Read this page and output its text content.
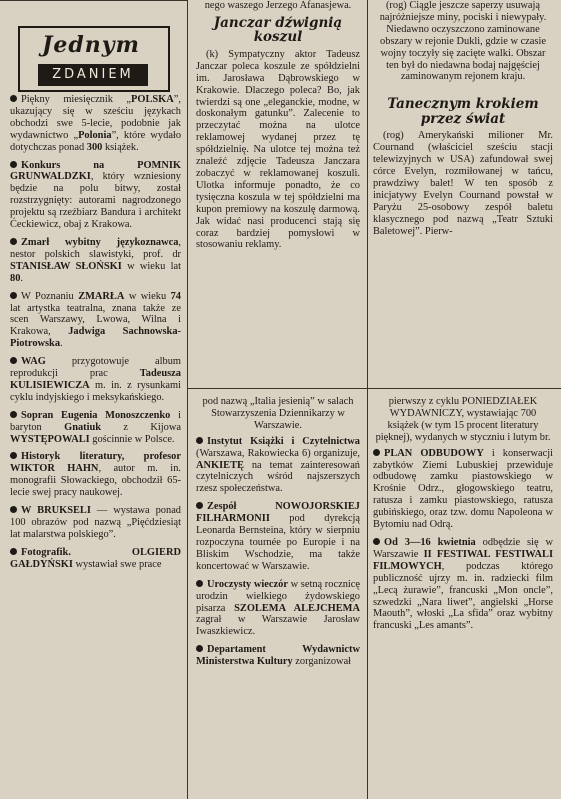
Jednym
ZDANIEM

Piękny miesięcznik „POLSKA”, ukazujący się w sześciu językach obchodzi swe 5-lecie, podobnie jak wydawnictwo „Polonia”, które wydało dotychczas ponad 300 książek.

Konkurs na POMNIK GRUNWALDZKI, który wzniesiony będzie na polu bitwy, został rozstrzygnięty: autorami nagrodzonego projektu są rzeźbiarz Bandura i architekt Ćeckiewicz, obaj z Krakowa.

Zmarł wybitny językoznawca, nestor polskich slawistyki, prof. dr STANISŁAW SŁOŃSKI w wieku lat 80.

W Poznaniu ZMARŁA w wieku 74 lat artystka teatralna, znana także ze scen Warszawy, Lwowa, Wilna i Krakowa, Jadwiga Sachnowska-Piotrowska.

WAG przygotowuje album reprodukcji prac Tadeusza KULISIEWICZA m. in. z rysunkami cyklu indyjskiego i meksykańskiego.

Sopran Eugenia Monoszczenko i baryton Gnatiuk z Kijowa WYSTĘPOWALI gościnnie w Polsce.

Historyk literatury, profesor WIKTOR HAHN, autor m. in. monografii Słowackiego, obchodził 65-lecie swej pracy naukowej.

W BRUKSELI — wystawa ponad 100 obrazów pod nazwą „Pięćdziesiąt lat malarstwa polskiego”.

Fotografik. OLGIERD GAŁDYŃSKI wystawiał swe prace

nego waszego Jerzego Afanasjewa.
Janczar dźwignią koszul

(k) Sympatyczny aktor Tadeusz Janczar poleca koszule ze spółdzielni im. Jarosława Dąbrowskiego w Krakowie. Dlaczego poleca? Bo, jak twierdzi są one „eleganckie, modne, w doskonałym gatunku”. Zalecenie to przeczytać można na ulotce reklamowej wydanej przez tę spółdzielnię. Na ulotce tej można też znaleźć zdjęcie Tadeusza Janczara zobaczyć w reklamowanej koszuli. Ulotka informuje ponadto, że co tysięczna koszula w tej spółdzielni ma kupon premiowy na koszulę darmową. Jak widać nasi producenci stają się coraz bardziej pomysłowi w stosowaniu reklamy.

(rog) Ciągle jeszcze saperzy usuwają najróżniejsze miny, pociski i niewypały. Niedawno oczyszczono zaminowane obszary w rejonie Dukli, gdzie w czasie wojny toczyły się zacięte walki. Obszar ten był do niedawna bodaj najgęściej zaminowanym rejonem kraju.
Tanecznym krokiem przez świat

(rog) Amerykański milioner Mr. Cournand (właściciel sześciu stacji telewizyjnych w USA) zafundował swej córce Evelyn, rozmiłowanej w tańcu, prawdziwy balet! W ten sposób z inicjatywy Evelyn Cournand powstał w Paryżu 25-osobowy zespół baletu klasycznego pod nazwą „Teatr Sztuki Baletowej”. Pierw-

pod nazwą „Italia jesienią” w salach Stowarzyszenia Dziennikarzy w Warszawie.

Instytut Książki i Czytelnictwa (Warszawa, Rakowiecka 6) organizuje, ANKIETĘ na temat zainteresowań czytelniczych wśród najszerszych rzesz społeczeństwa.

Zespół NOWOJORSKIEJ FILHARMONII pod dyrekcją Leonarda Bernsteina, który w sierpniu rozpoczyna tournée po Europie i na Bliskim Wschodzie, ma także koncertować w Warszawie.

Uroczysty wieczór w setną rocznicę urodzin wielkiego żydowskiego pisarza SZOLEMA ALEJCHEMA zagrał w Warszawie Jarosław Iwaszkiewicz.

Departament Wydawnictw Ministerstwa Kultury zorganizował

pierwszy z cyklu PONIEDZIAŁEK WYDAWNICZY, wystawiając 700 książek (w tym 15 procent literatury pięknej), wydanych w styczniu i lutym br.

PLAN ODBUDOWY i konserwacji zabytków Ziemi Lubuskiej przewiduje odbudowę zamku piastowskiego w Krośnie Odrz., głogowskiego teatru, ratusza i zamku piastowskiego, ratusza gubińskiego, oraz tzw. domu Napoleona w Bytomiu nad Odrą.

Od 3—16 kwietnia odbędzie się w Warszawie II FESTIWAL FESTIWALI FILMOWYCH, podczas którego publiczność ujrzy m. in. radziecki film „Lecą żurawie”, francuski „Mon oncle”, szwedzki „Nara liwet”, angielski „Horse Maouth”, włoski „La sfida” oraz wybitny francuski „Les amants”.
